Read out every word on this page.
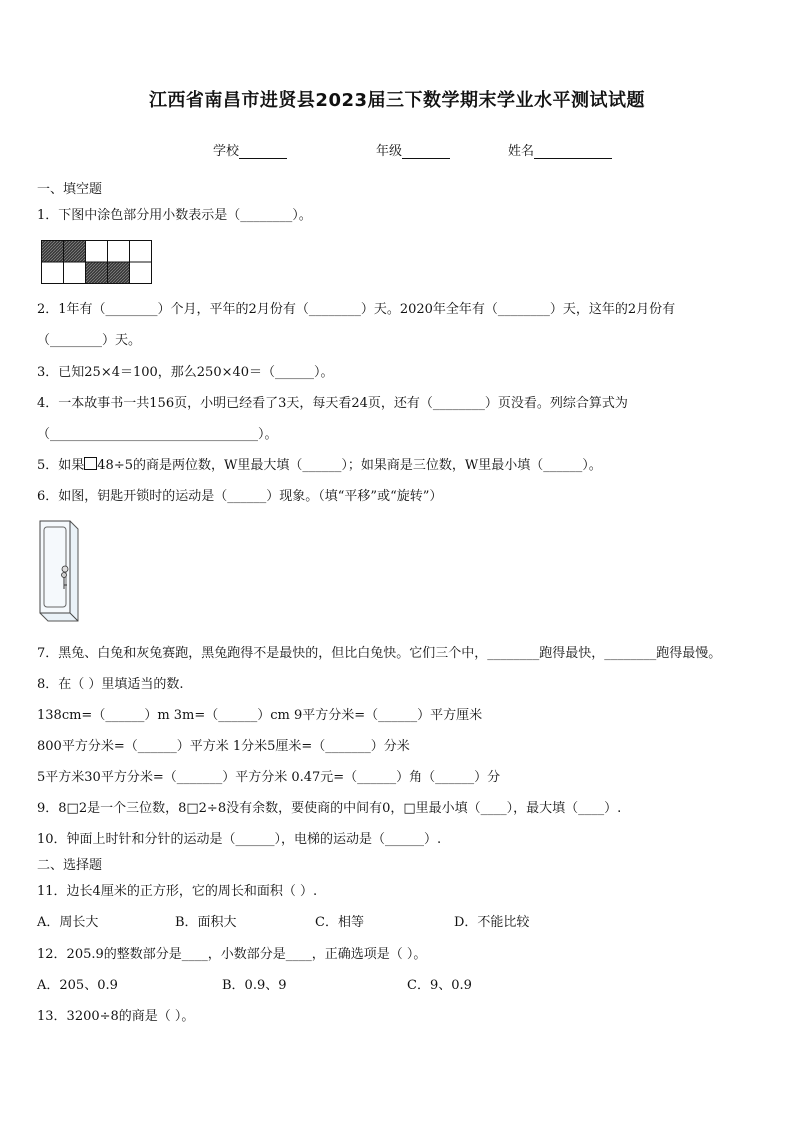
江西省南昌市进贤县2023届三下数学期末学业水平测试试题
学校	年级	姓名
一、填空题
1．下图中涂色部分用小数表示是（________）。
2．1年有（________）个月，平年的2月份有（________）天。2020年全年有（________）天，这年的2月份有
（________）天。
3．已知25×4＝100，那么250×40＝（______）。
4．一本故事书一共156页，小明已经看了3天，每天看24页，还有（________）页没看。列综合算式为
（________________________________）。
5．如果 48÷5的商是两位数，W里最大填（______）；如果商是三位数，W里最小填（______）。
6．如图，钥匙开锁时的运动是（______）现象。（填“平移”或“旋转”）
7．黑兔、白兔和灰兔赛跑，黑兔跑得不是最快的，但比白兔快。它们三个中，________跑得最快，________跑得最慢。
8．在（ ）里填适当的数.
138cm=（______）m 3m=（______）cm 9平方分米=（______）平方厘米
800平方分米=（______）平方米 1分米5厘米=（_______）分米
5平方米30平方分米=（_______）平方分米 0.47元=（______）角（______）分
9．8□2是一个三位数，8□2÷8没有余数，要使商的中间有0，□里最小填（____），最大填（____）.
10．钟面上时针和分针的运动是（______），电梯的运动是（______）.
二、选择题
11．边长4厘米的正方形，它的周长和面积（ ）.
A．周长大	B．面积大	C．相等	D．不能比较
12．205.9的整数部分是____，小数部分是____，正确选项是（ ）。
A．205、0.9	B．0.9、9	C．9、0.9
13．3200÷8的商是（ ）。
